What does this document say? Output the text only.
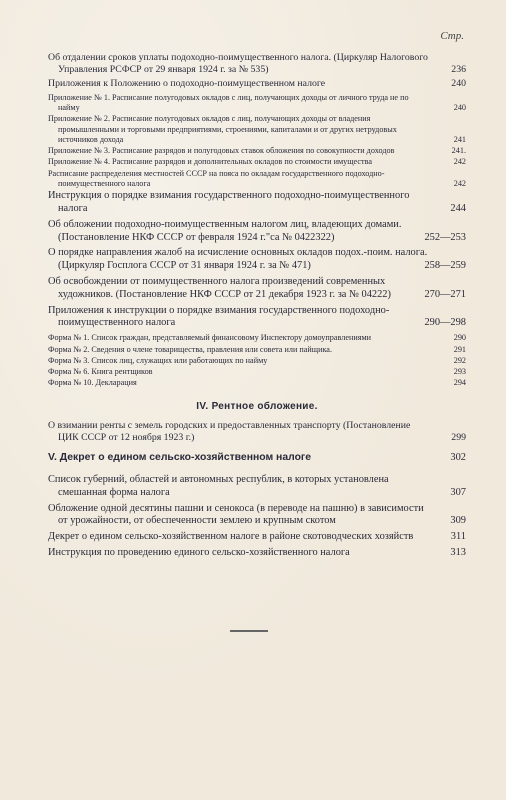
Стр.
Об отдалении сроков уплаты подоходно-поимущественного налога. (Циркуляр Налогового Управления РСФСР от 29 января 1924 г. за № 535)	236
Приложения к Положению о подоходно-поимущественном налоге	240
Приложение № 1. Расписание полугодовых окладов с лиц, получающих доходы от личного труда не по найму	240
Приложение № 2. Расписание полугодовых окладов с лиц, получающих доходы от владения промышленными и торговыми предприятиями, строениями, капиталами и от других нетрудовых источников дохода	241
Приложение № 3. Расписание разрядов и полугодовых ставок обложения по совокупности доходов	241.
Приложение № 4. Расписание разрядов и дополнительных окладов по стоимости имущества	242
Расписание распределения местностей СССР на пояса по окладам государственного подоходно-поимущественного налога	242
Инструкция о порядке взимания государственного подоходно-поимущественного налога	244
Об обложении подоходно-поимущественным налогом лиц, владеющих домами. (Постановление НКФ СССР от февраля 1924 г."са № 0422322)	252—253
О порядке направления жалоб на исчисление основных окладов подох.-поим. налога. (Циркуляр Госплога СССР от 31 января 1924 г. за № 471)	258—259
Об освобождении от поимущественного налога произведений современных художников. (Постановление НКФ СССР от 21 декабря 1923 г. за № 04222)	270—271
Приложения к инструкции о порядке взимания государственного подоходно-поимущественного налога	290—298
Форма № 1. Список граждан, представляемый финансовому Инспектору домоуправлениями	290
Форма № 2. Сведения о члене товарищества, правления или совета или пайщика.	291
Форма № 3. Список лиц, служащих или работающих по найму	292
Форма № 6. Книга рентщиков	293
Форма № 10. Декларация	294
IV. Рентное обложение.
О взимании ренты с земель городских и предоставленных транспорту (Постановление ЦИК СССР от 12 ноября 1923 г.)	299
V. Декрет о едином сельско-хозяйственном налоге	302
Список губерний, областей и автономных республик, в которых установлена смешанная форма налога	307
Обложение одной десятины пашни и сенокоса (в переводе на пашню) в зависимости от урожайности, от обеспеченности землею и крупным скотом	309
Декрет о едином сельско-хозяйственном налоге в районе скотоводческих хозяйств	311
Инструкция по проведению единого сельско-хозяйственного налога	313
